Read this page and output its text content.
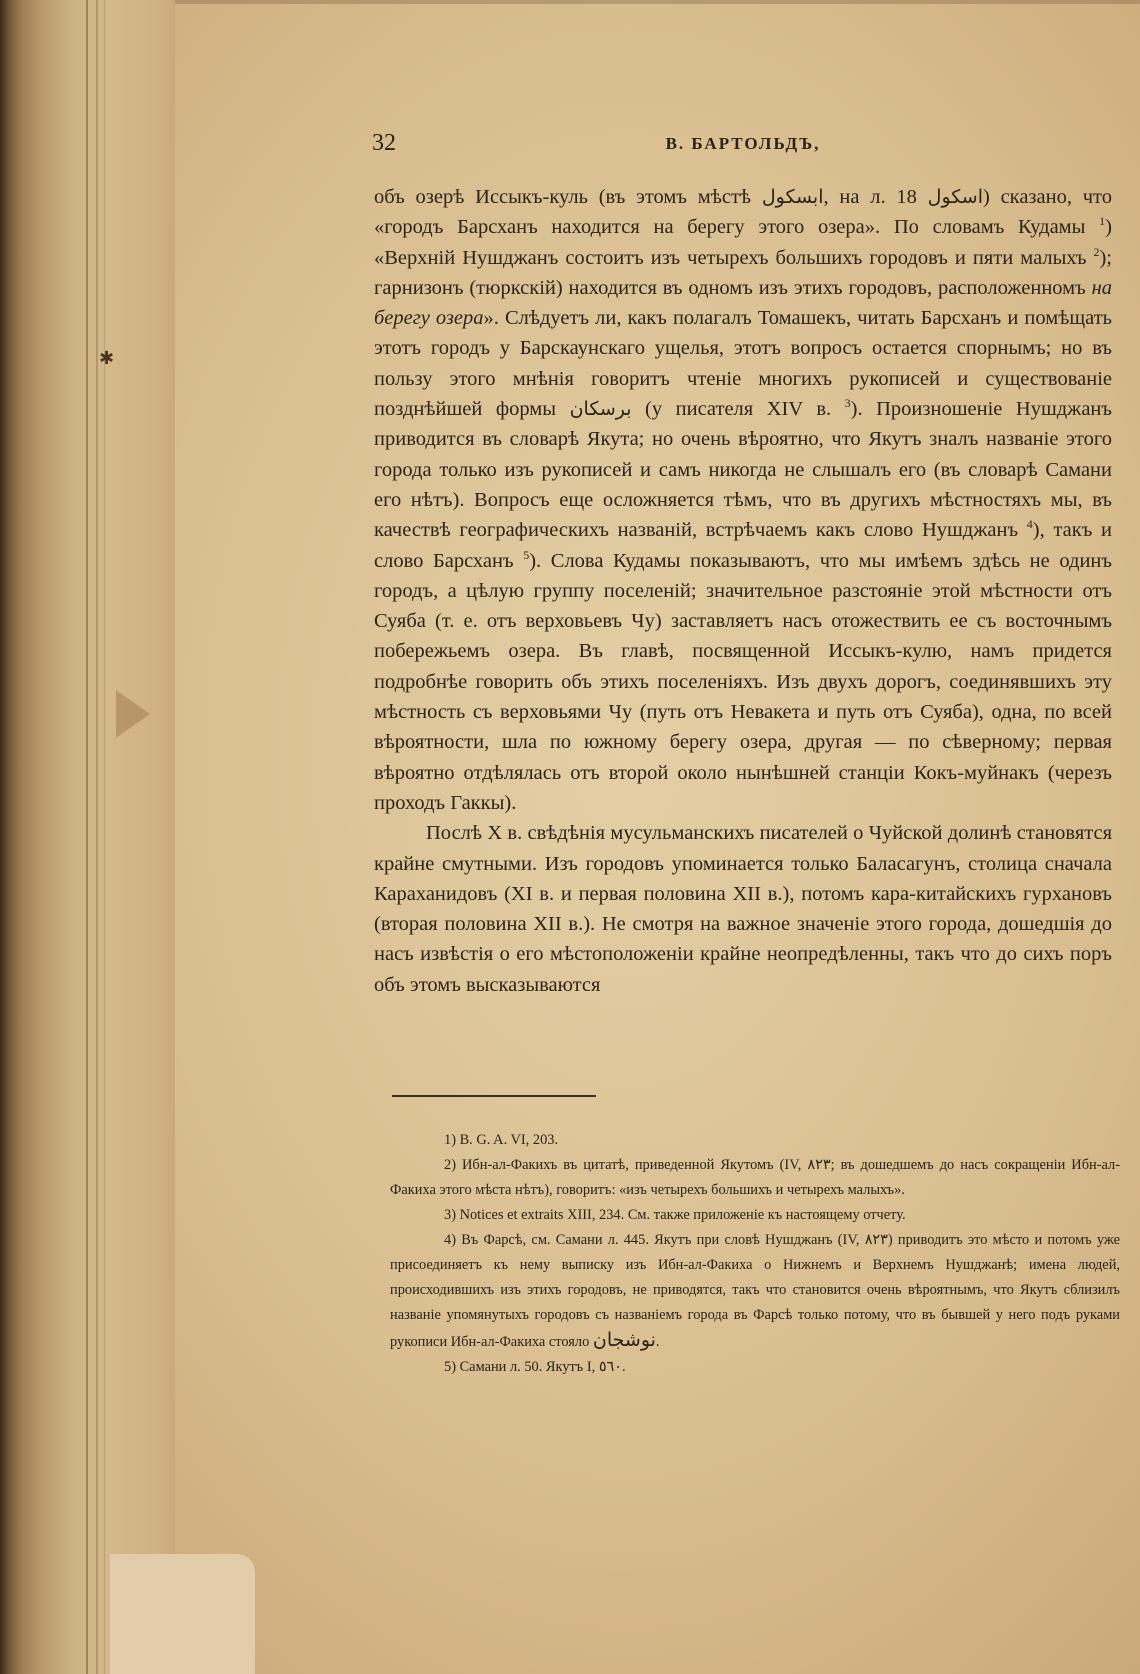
✱
32	В. БАРТОЛЬДЪ,

объ озерѣ Иссыкъ-куль (въ этомъ мѣстѣ ابسكول, на л. 18 اسكول) сказано, что «городъ Барсханъ находится на берегу этого озера». По словамъ Кудамы $^1$) «Верхній Нушджанъ состоитъ изъ четырехъ большихъ городовъ и пяти малыхъ $^2$); гарнизонъ (тюркскій) находится въ одномъ изъ этихъ городовъ, расположенномъ на берегу озера». Слѣдуетъ ли, какъ полагалъ Томашекъ, читать Барсханъ и помѣщать этотъ городъ у Барскаунскаго ущелья, этотъ вопросъ остается спорнымъ; но въ пользу этого мнѣнія говоритъ чтеніе многихъ рукописей и существованіе позднѣйшей формы برسكان (у писателя XIV в. $^3$). Произношеніе Нушджанъ приводится въ словарѣ Якута; но очень вѣроятно, что Якутъ зналъ названіе этого города только изъ рукописей и самъ никогда не слышалъ его (въ словарѣ Самани его нѣтъ). Вопросъ еще осложняется тѣмъ, что въ другихъ мѣстностяхъ мы, въ качествѣ географическихъ названій, встрѣчаемъ какъ слово Нушджанъ $^4$), такъ и слово Барсханъ $^5$). Слова Кудамы показываютъ, что мы имѣемъ здѣсь не одинъ городъ, а цѣлую группу поселеній; значительное разстояніе этой мѣстности отъ Суяба (т. е. отъ верховьевъ Чу) заставляетъ насъ отожествить ее съ восточнымъ побережьемъ озера. Въ главѣ, посвященной Иссыкъ-кулю, намъ придется подробнѣе говорить объ этихъ поселеніяхъ. Изъ двухъ дорогъ, соединявшихъ эту мѣстность съ верховьями Чу (путь отъ Невакета и путь отъ Суяба), одна, по всей вѣроятности, шла по южному берегу озера, другая — по сѣверному; первая вѣроятно отдѣлялась отъ второй около нынѣшней станціи Кокъ-муйнакъ (черезъ проходъ Гаккы).

Послѣ X в. свѣдѣнія мусульманскихъ писателей о Чуйской долинѣ становятся крайне смутными. Изъ городовъ упоминается только Баласагунъ, столица сначала Караханидовъ (XI в. и первая половина XII в.), потомъ кара-китайскихъ гурхановъ (вторая половина XII в.). Не смотря на важное значеніе этого города, дошедшія до насъ извѣстія о его мѣстоположеніи крайне неопредѣленны, такъ что до сихъ поръ объ этомъ высказываются

1) B. G. A. VI, 203.

2) Ибн-ал-Факихъ въ цитатѣ, приведенной Якутомъ (IV, ٨٢٣; въ дошедшемъ до насъ сокращеніи Ибн-ал-Факиха этого мѣста нѣтъ), говоритъ: «изъ четырехъ большихъ и четырехъ малыхъ».

3) Notices et extraits XIII, 234. См. также приложеніе къ настоящему отчету.

4) Въ Фарсѣ, см. Самани л. 445. Якутъ при словѣ Нушджанъ (IV, ٨٢٣) приводитъ это мѣсто и потомъ уже присоединяетъ къ нему выписку изъ Ибн-ал-Факиха о Нижнемъ и Верхнемъ Нушджанѣ; имена людей, происходившихъ изъ этихъ городовъ, не приводятся, такъ что становится очень вѣроятнымъ, что Якутъ сблизилъ названіе упомянутыхъ городовъ съ названіемъ города въ Фарсѣ только потому, что въ бывшей у него подъ руками рукописи Ибн-ал-Факиха стояло نوشجان.

5) Самани л. 50. Якутъ I, ٥٦٠.
